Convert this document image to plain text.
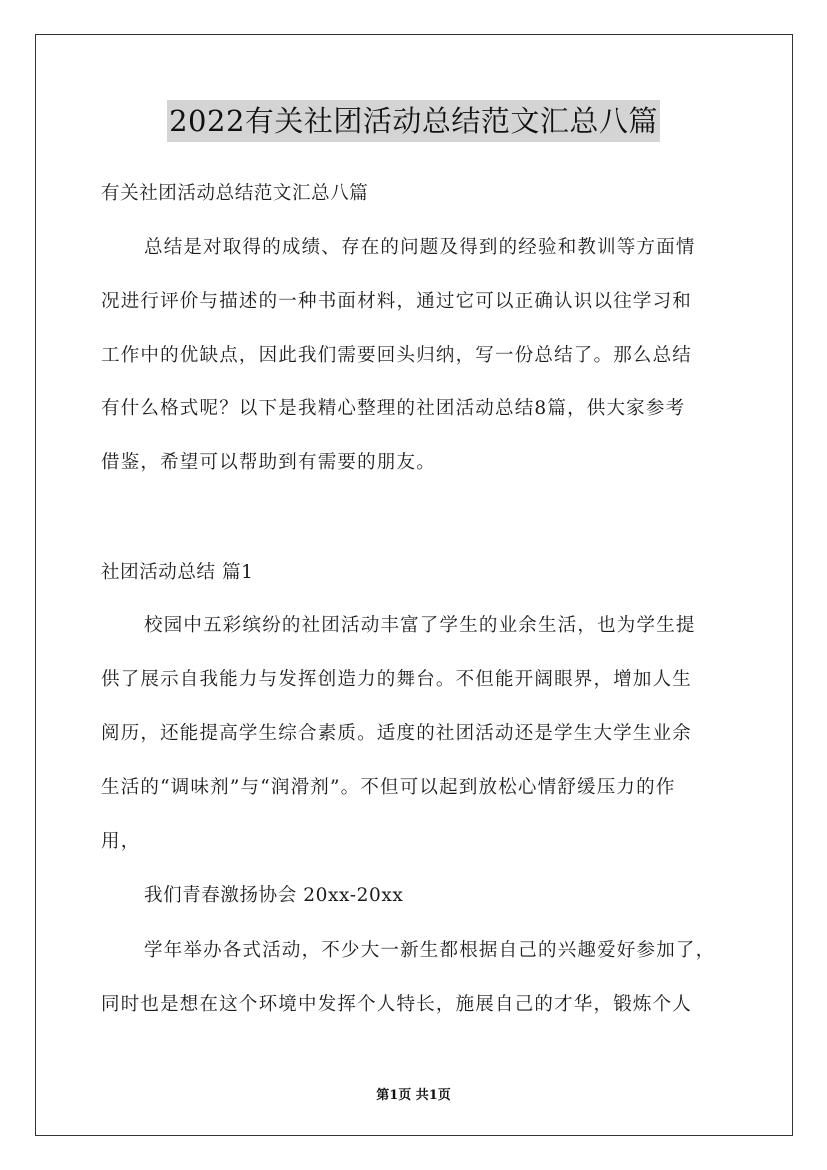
2022有关社团活动总结范文汇总八篇
有关社团活动总结范文汇总八篇
总结是对取得的成绩、存在的问题及得到的经验和教训等方面情
况进行评价与描述的一种书面材料，通过它可以正确认识以往学习和
工作中的优缺点，因此我们需要回头归纳，写一份总结了。那么总结
有什么格式呢？以下是我精心整理的社团活动总结8篇，供大家参考
借鉴，希望可以帮助到有需要的朋友。
社团活动总结 篇1
校园中五彩缤纷的社团活动丰富了学生的业余生活，也为学生提
供了展示自我能力与发挥创造力的舞台。不但能开阔眼界，增加人生
阅历，还能提高学生综合素质。适度的社团活动还是学生大学生业余
生活的“调味剂”与“润滑剂”。不但可以起到放松心情舒缓压力的作
用，
我们青春激扬协会 20xx-20xx
学年举办各式活动，不少大一新生都根据自己的兴趣爱好参加了，
同时也是想在这个环境中发挥个人特长，施展自己的才华，锻炼个人
第1页 共1页
